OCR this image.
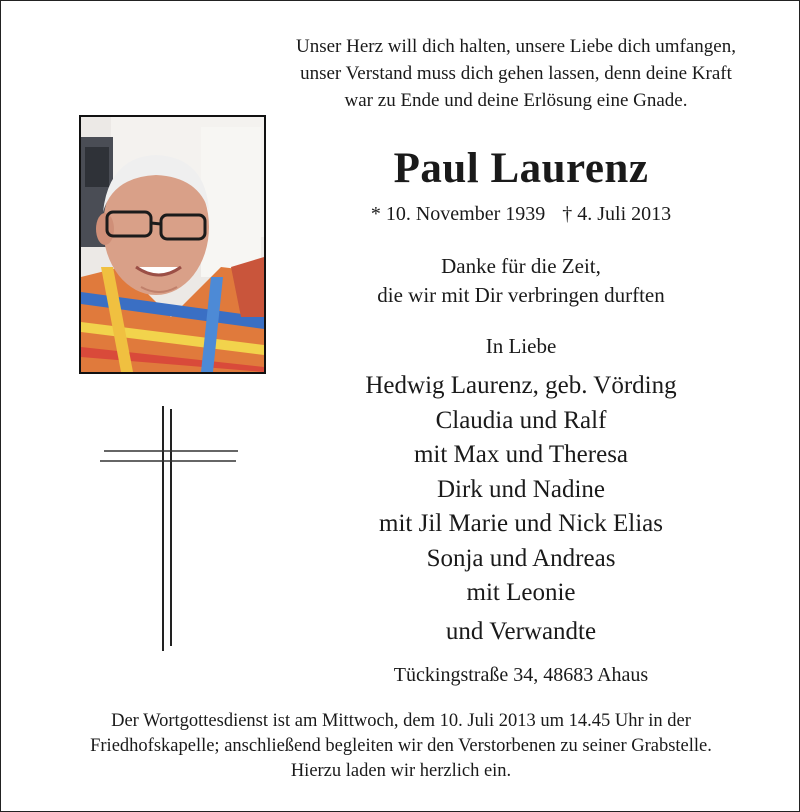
Unser Herz will dich halten, unsere Liebe dich umfangen,
unser Verstand muss dich gehen lassen, denn deine Kraft
war zu Ende und deine Erlösung eine Gnade.
Paul Laurenz
* 10. November 1939 † 4. Juli 2013
Danke für die Zeit,
die wir mit Dir verbringen durften
In Liebe
Hedwig Laurenz, geb. Vörding
Claudia und Ralf
mit Max und Theresa
Dirk und Nadine
mit Jil Marie und Nick Elias
Sonja und Andreas
mit Leonie
und Verwandte
Tückingstraße 34, 48683 Ahaus
Der Wortgottesdienst ist am Mittwoch, dem 10. Juli 2013 um 14.45 Uhr in der
Friedhofskapelle; anschließend begleiten wir den Verstorbenen zu seiner Grabstelle.
Hierzu laden wir herzlich ein.
